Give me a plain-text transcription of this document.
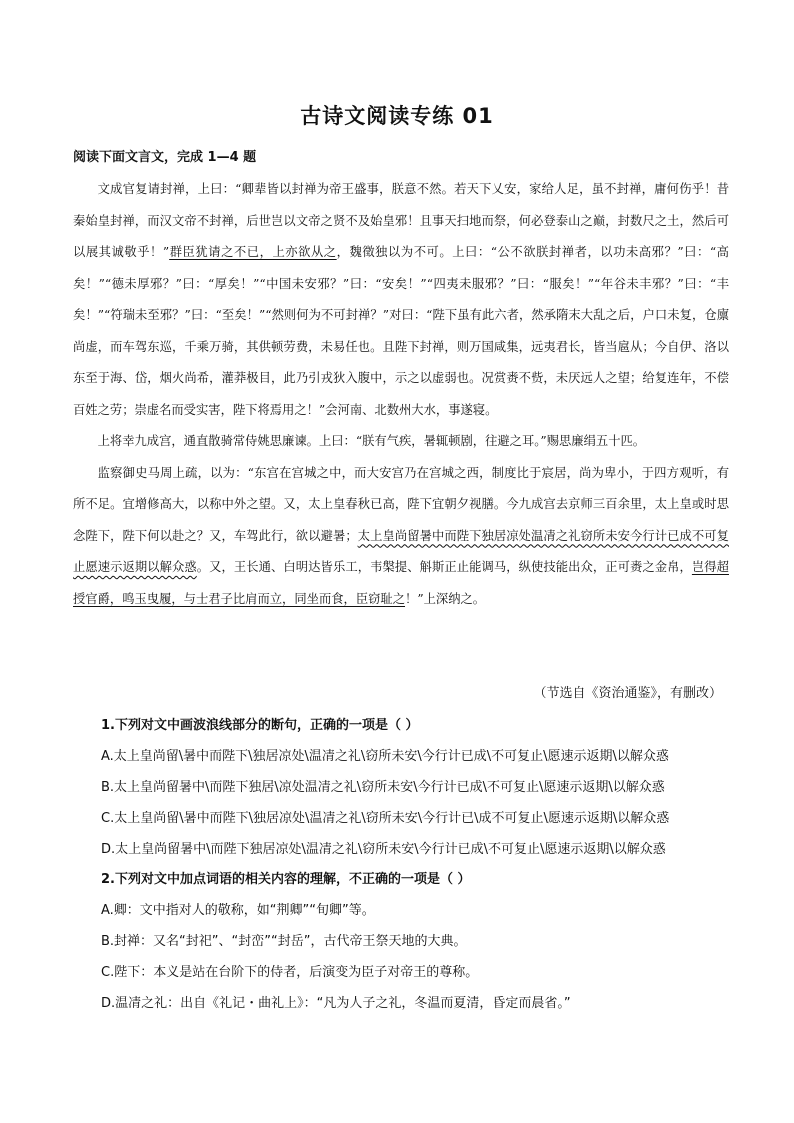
古诗文阅读专练 01
阅读下面文言文，完成 1—4 题

文成官复请封禅，上曰：“卿辈皆以封禅为帝王盛事，朕意不然。若天下乂安，家给人足，虽不封禅，庸何伤乎！昔秦始皇封禅，而汉文帝不封禅，后世岂以文帝之贤不及始皇邪！且事天扫地而祭，何必登泰山之巅，封数尺之土，然后可以展其诚敬乎！”群臣犹请之不已，上亦欲从之，魏徵独以为不可。上曰：“公不欲朕封禅者，以功未高邪？”曰：“高矣！”“德未厚邪？”曰：“厚矣！”“中国未安邪？”曰：“安矣！”“四夷未服邪？”曰：“服矣！”“年谷未丰邪？”曰：“丰矣！”“符瑞未至邪？”曰：“至矣！”“然则何为不可封禅？”对曰：“陛下虽有此六者，然承隋末大乱之后，户口未复，仓廪尚虚，而车驾东巡，千乘万骑，其供顿劳费，未易任也。且陛下封禅，则万国咸集，远夷君长，皆当扈从；今自伊、洛以东至于海、岱，烟火尚希，灌莽极目，此乃引戎狄入腹中，示之以虚弱也。况赏赉不赀，未厌远人之望；给复连年，不偿百姓之劳；崇虚名而受实害，陛下将焉用之！”会河南、北数州大水，事遂寝。

上将幸九成宫，通直散骑常侍姚思廉谏。上曰：“朕有气疾，暑辄顿剧，往避之耳。”赐思廉绢五十匹。

监察御史马周上疏，以为：“东宫在宫城之中，而大安宫乃在宫城之西，制度比于宸居，尚为卑小，于四方观听，有所不足。宜增修高大，以称中外之望。又，太上皇春秋已高，陛下宜朝夕视膳。今九成宫去京师三百余里，太上皇或时思念陛下，陛下何以赴之？又，车驾此行，欲以避暑；太上皇尚留暑中而陛下独居凉处温凊之礼窃所未安今行计已成不可复止愿速示返期以解众惑。又，王长通、白明达皆乐工，韦槃提、斛斯正止能调马，纵使技能出众，正可赉之金帛，岂得超授官爵，鸣玉曳履，与士君子比肩而立，同坐而食，臣窃耻之！”上深纳之。

（节选自《资治通鉴》，有删改）
1.下列对文中画波浪线部分的断句，正确的一项是（ ）
A.太上皇尚留\暑中而陛下\独居凉处\温凊之礼\窃所未安\今行计已成\不可复止\愿速示返期\以解众惑
B.太上皇尚留暑中\而陛下独居\凉处温凊之礼\窃所未安\今行计已成\不可复止\愿速示返期\以解众惑
C.太上皇尚留\暑中而陛下\独居凉处\温凊之礼\窃所未安\今行计已\成不可复止\愿速示返期\以解众惑
D.太上皇尚留暑中\而陛下独居凉处\温凊之礼\窃所未安\今行计已成\不可复止\愿速示返期\以解众惑
2.下列对文中加点词语的相关内容的理解，不正确的一项是（ ）
A.卿：文中指对人的敬称，如“荆卿”“旬卿”等。
B.封禅：又名“封祀”、“封峦”“封岳”，古代帝王祭天地的大典。
C.陛下：本义是站在台阶下的侍者，后演变为臣子对帝王的尊称。
D.温凊之礼：出自《礼记・曲礼上》：“凡为人子之礼，冬温而夏清，昏定而晨省。”
